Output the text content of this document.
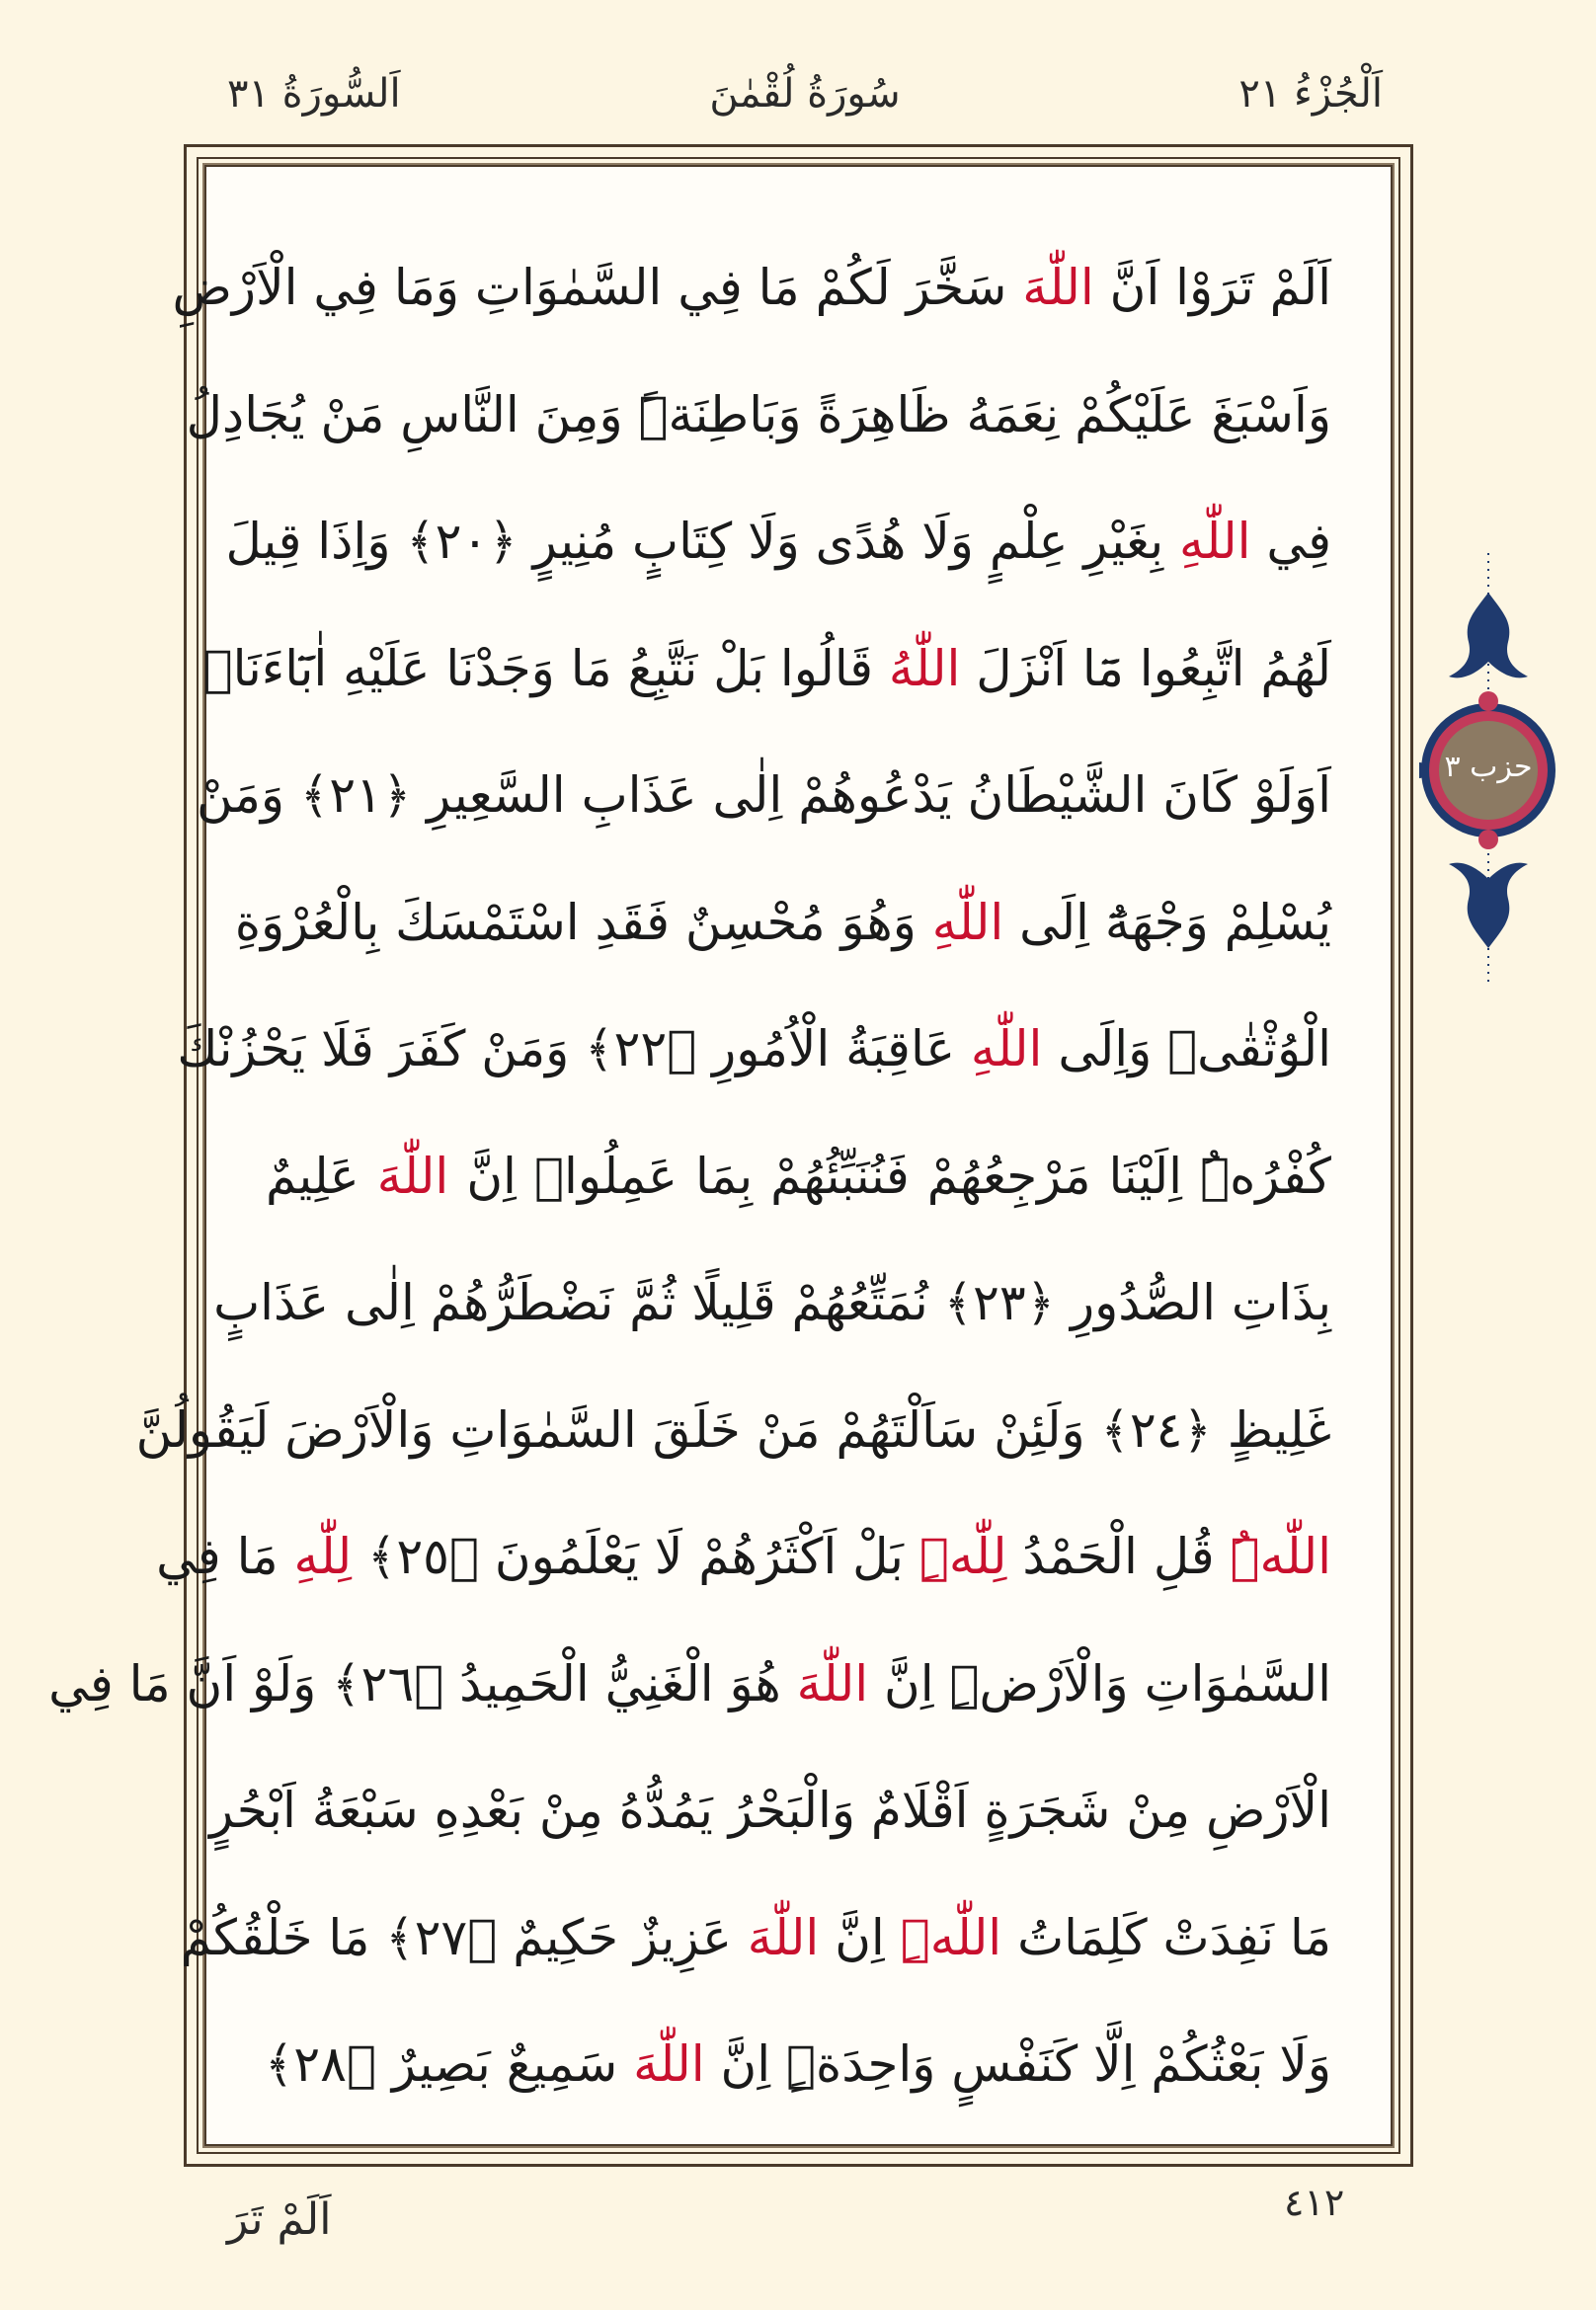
اَلْجُزْءُ ٢١
سُورَةُ لُقْمٰنَ
اَلسُّورَةُ ٣١
اَلَمْ تَرَوْا اَنَّ اللّٰهَ سَخَّرَ لَكُمْ مَا فِي السَّمٰوَاتِ وَمَا فِي الْاَرْضِ
وَاَسْبَغَ عَلَيْكُمْ نِعَمَهُ ظَاهِرَةً وَبَاطِنَةًۜ وَمِنَ النَّاسِ مَنْ يُجَادِلُ
فِي اللّٰهِ بِغَيْرِ عِلْمٍ وَلَا هُدًى وَلَا كِتَابٍ مُنِيرٍ ﴿٢٠﴾ وَاِذَا قِيلَ
لَهُمُ اتَّبِعُوا مَٓا اَنْزَلَ اللّٰهُ قَالُوا بَلْ نَتَّبِعُ مَا وَجَدْنَا عَلَيْهِ اٰبَٓاءَنَاۜ
اَوَلَوْ كَانَ الشَّيْطَانُ يَدْعُوهُمْ اِلٰى عَذَابِ السَّعِيرِ ﴿٢١﴾ وَمَنْ
يُسْلِمْ وَجْهَهُٓ اِلَى اللّٰهِ وَهُوَ مُحْسِنٌ فَقَدِ اسْتَمْسَكَ بِالْعُرْوَةِ
الْوُثْقٰىۜ وَاِلَى اللّٰهِ عَاقِبَةُ الْاُمُورِ ﴿٢٢﴾ وَمَنْ كَفَرَ فَلَا يَحْزُنْكَ
كُفْرُهُۜ اِلَيْنَا مَرْجِعُهُمْ فَنُنَبِّئُهُمْ بِمَا عَمِلُواۜ اِنَّ اللّٰهَ عَلِيمٌ
بِذَاتِ الصُّدُورِ ﴿٢٣﴾ نُمَتِّعُهُمْ قَلِيلًا ثُمَّ نَضْطَرُّهُمْ اِلٰى عَذَابٍ
غَلِيظٍ ﴿٢٤﴾ وَلَئِنْ سَاَلْتَهُمْ مَنْ خَلَقَ السَّمٰوَاتِ وَالْاَرْضَ لَيَقُولُنَّ
اللّٰهُۜ قُلِ الْحَمْدُ لِلّٰهِۜ بَلْ اَكْثَرُهُمْ لَا يَعْلَمُونَ ﴿٢٥﴾ لِلّٰهِ مَا فِي
السَّمٰوَاتِ وَالْاَرْضِۜ اِنَّ اللّٰهَ هُوَ الْغَنِيُّ الْحَمِيدُ ﴿٢٦﴾ وَلَوْ اَنَّ مَا فِي
الْاَرْضِ مِنْ شَجَرَةٍ اَقْلَامٌ وَالْبَحْرُ يَمُدُّهُ مِنْ بَعْدِهِ سَبْعَةُ اَبْحُرٍ
مَا نَفِدَتْ كَلِمَاتُ اللّٰهِۜ اِنَّ اللّٰهَ عَزِيزٌ حَكِيمٌ ﴿٢٧﴾ مَا خَلْقُكُمْ
وَلَا بَعْثُكُمْ اِلَّا كَنَفْسٍ وَاحِدَةٍۜ اِنَّ اللّٰهَ سَمِيعٌ بَصِيرٌ ﴿٢٨﴾
حزب ٣
٤١٢
اَلَمْ تَرَ
